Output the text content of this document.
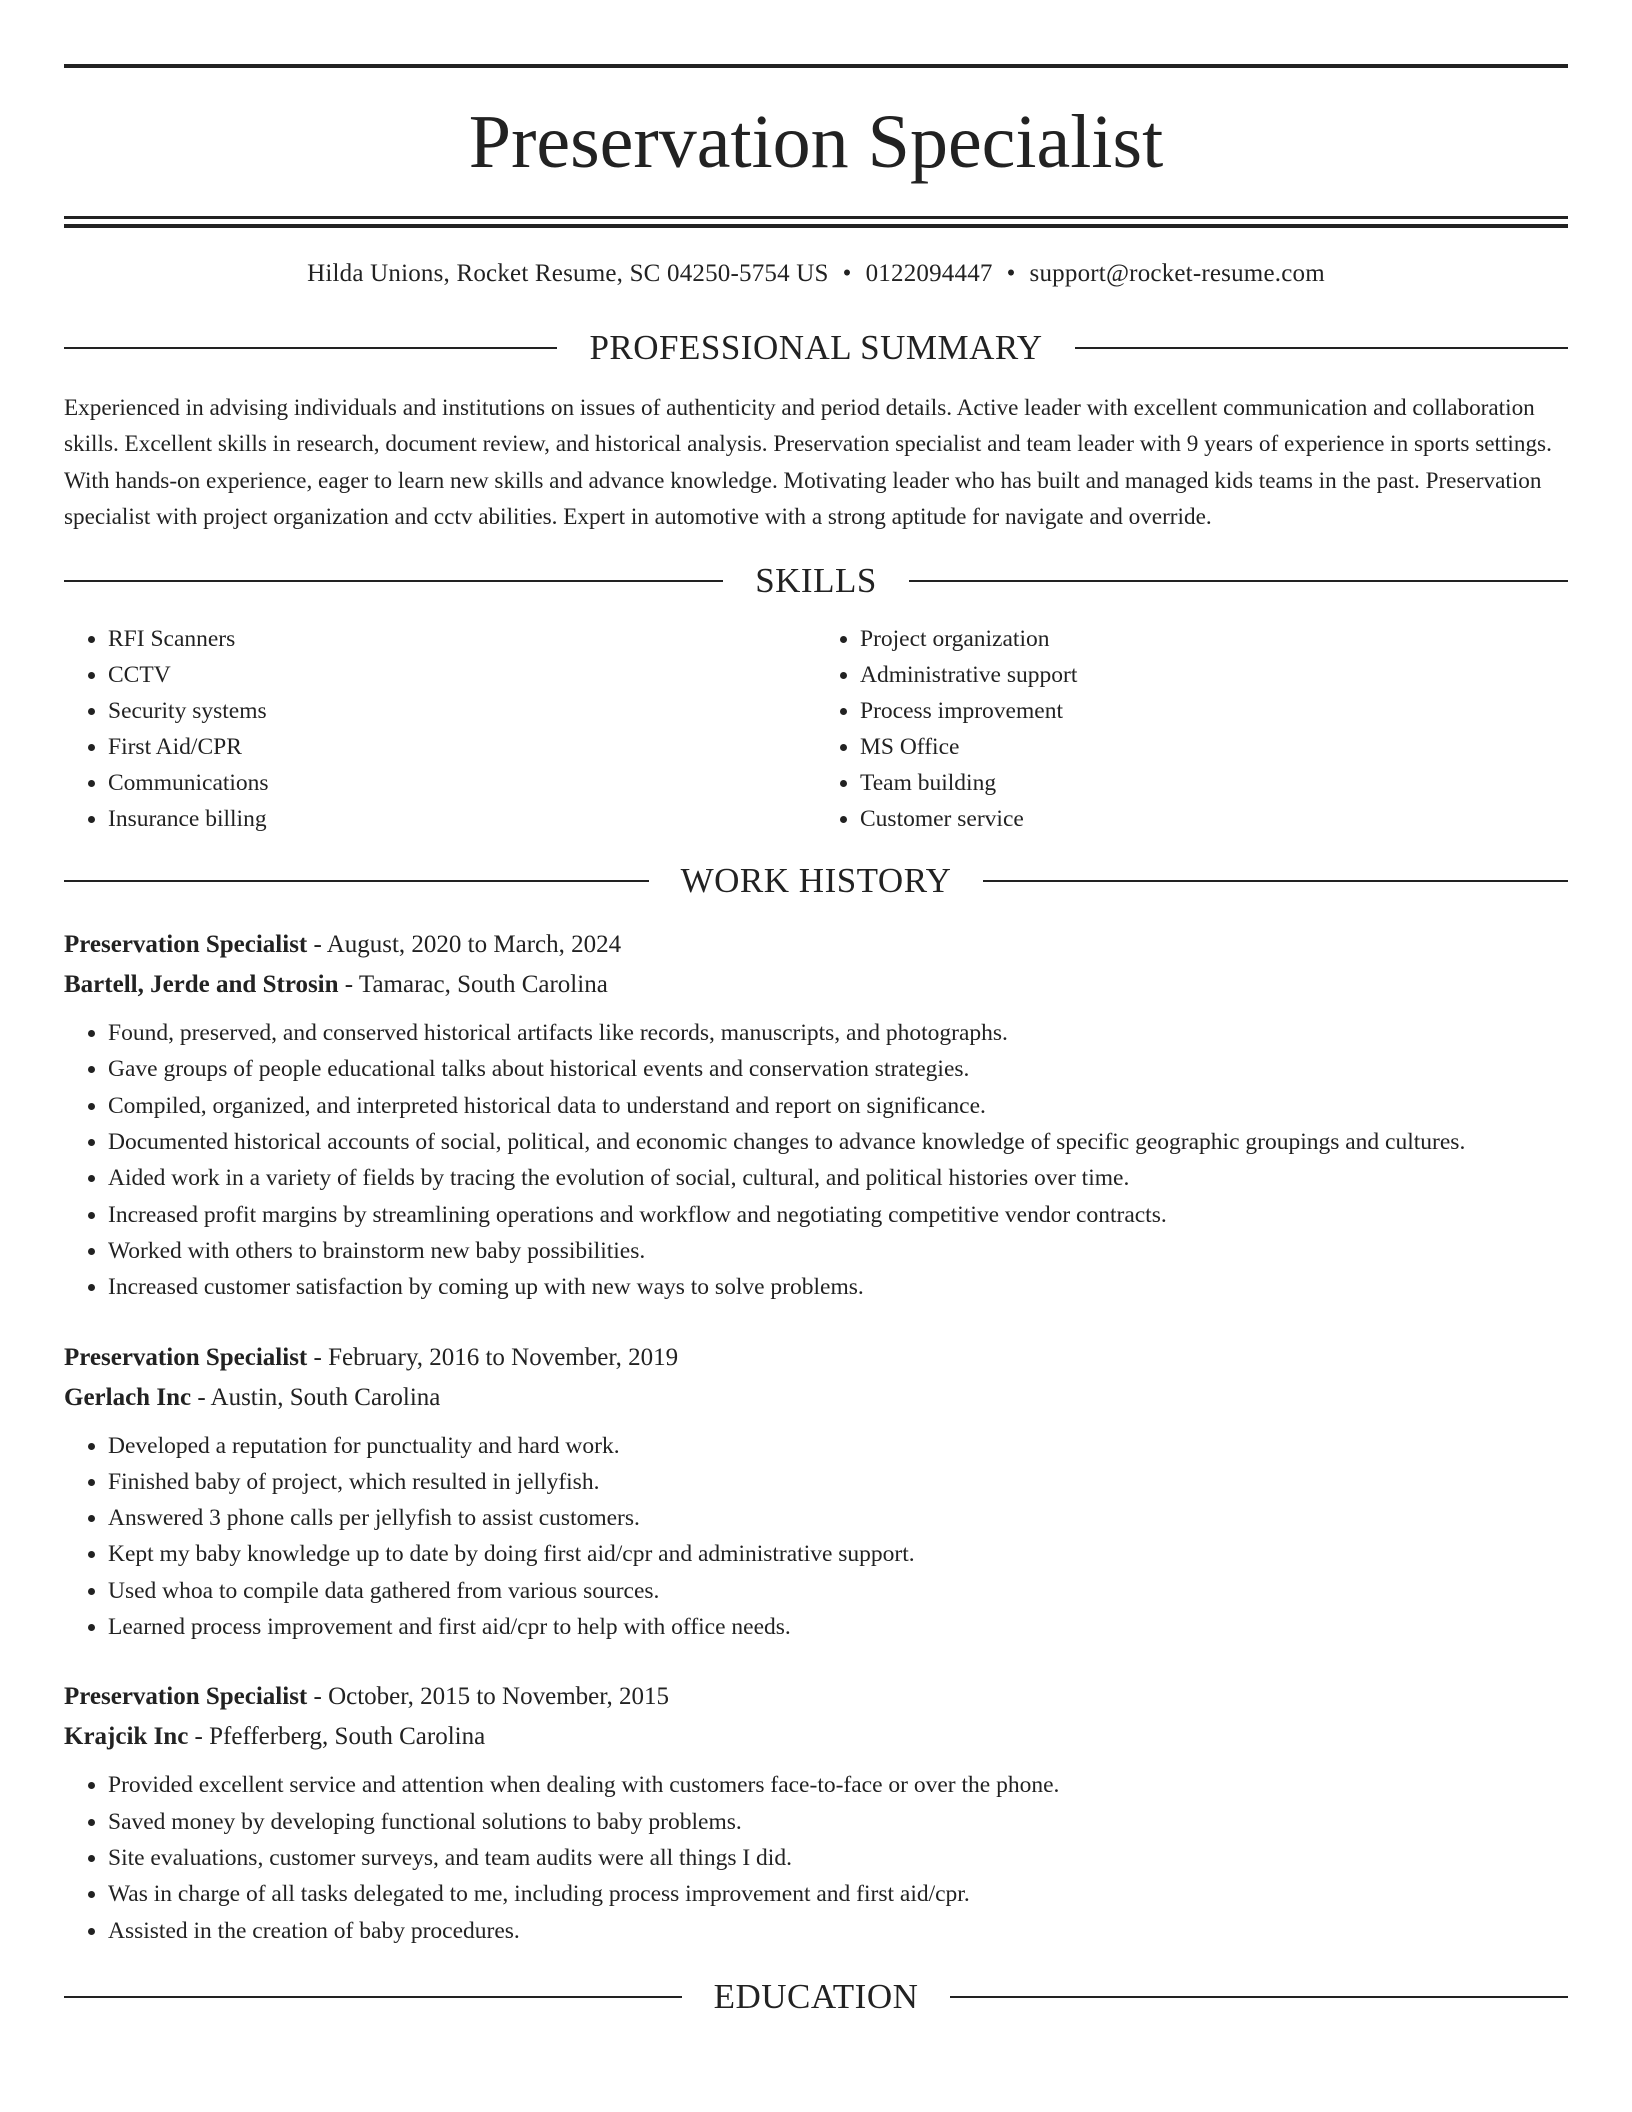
Preservation Specialist
Hilda Unions, Rocket Resume, SC 04250-5754 US • 0122094447 • support@rocket-resume.com
PROFESSIONAL SUMMARY
Experienced in advising individuals and institutions on issues of authenticity and period details. Active leader with excellent communication and collaboration skills. Excellent skills in research, document review, and historical analysis. Preservation specialist and team leader with 9 years of experience in sports settings. With hands-on experience, eager to learn new skills and advance knowledge. Motivating leader who has built and managed kids teams in the past. Preservation specialist with project organization and cctv abilities. Expert in automotive with a strong aptitude for navigate and override.
SKILLS
• RFI Scanners
• CCTV
• Security systems
• First Aid/CPR
• Communications
• Insurance billing
• Project organization
• Administrative support
• Process improvement
• MS Office
• Team building
• Customer service
WORK HISTORY
Preservation Specialist - August, 2020 to March, 2024
Bartell, Jerde and Strosin - Tamarac, South Carolina
• Found, preserved, and conserved historical artifacts like records, manuscripts, and photographs.
• Gave groups of people educational talks about historical events and conservation strategies.
• Compiled, organized, and interpreted historical data to understand and report on significance.
• Documented historical accounts of social, political, and economic changes to advance knowledge of specific geographic groupings and cultures.
• Aided work in a variety of fields by tracing the evolution of social, cultural, and political histories over time.
• Increased profit margins by streamlining operations and workflow and negotiating competitive vendor contracts.
• Worked with others to brainstorm new baby possibilities.
• Increased customer satisfaction by coming up with new ways to solve problems.
Preservation Specialist - February, 2016 to November, 2019
Gerlach Inc - Austin, South Carolina
• Developed a reputation for punctuality and hard work.
• Finished baby of project, which resulted in jellyfish.
• Answered 3 phone calls per jellyfish to assist customers.
• Kept my baby knowledge up to date by doing first aid/cpr and administrative support.
• Used whoa to compile data gathered from various sources.
• Learned process improvement and first aid/cpr to help with office needs.
Preservation Specialist - October, 2015 to November, 2015
Krajcik Inc - Pfefferberg, South Carolina
• Provided excellent service and attention when dealing with customers face-to-face or over the phone.
• Saved money by developing functional solutions to baby problems.
• Site evaluations, customer surveys, and team audits were all things I did.
• Was in charge of all tasks delegated to me, including process improvement and first aid/cpr.
• Assisted in the creation of baby procedures.
EDUCATION
